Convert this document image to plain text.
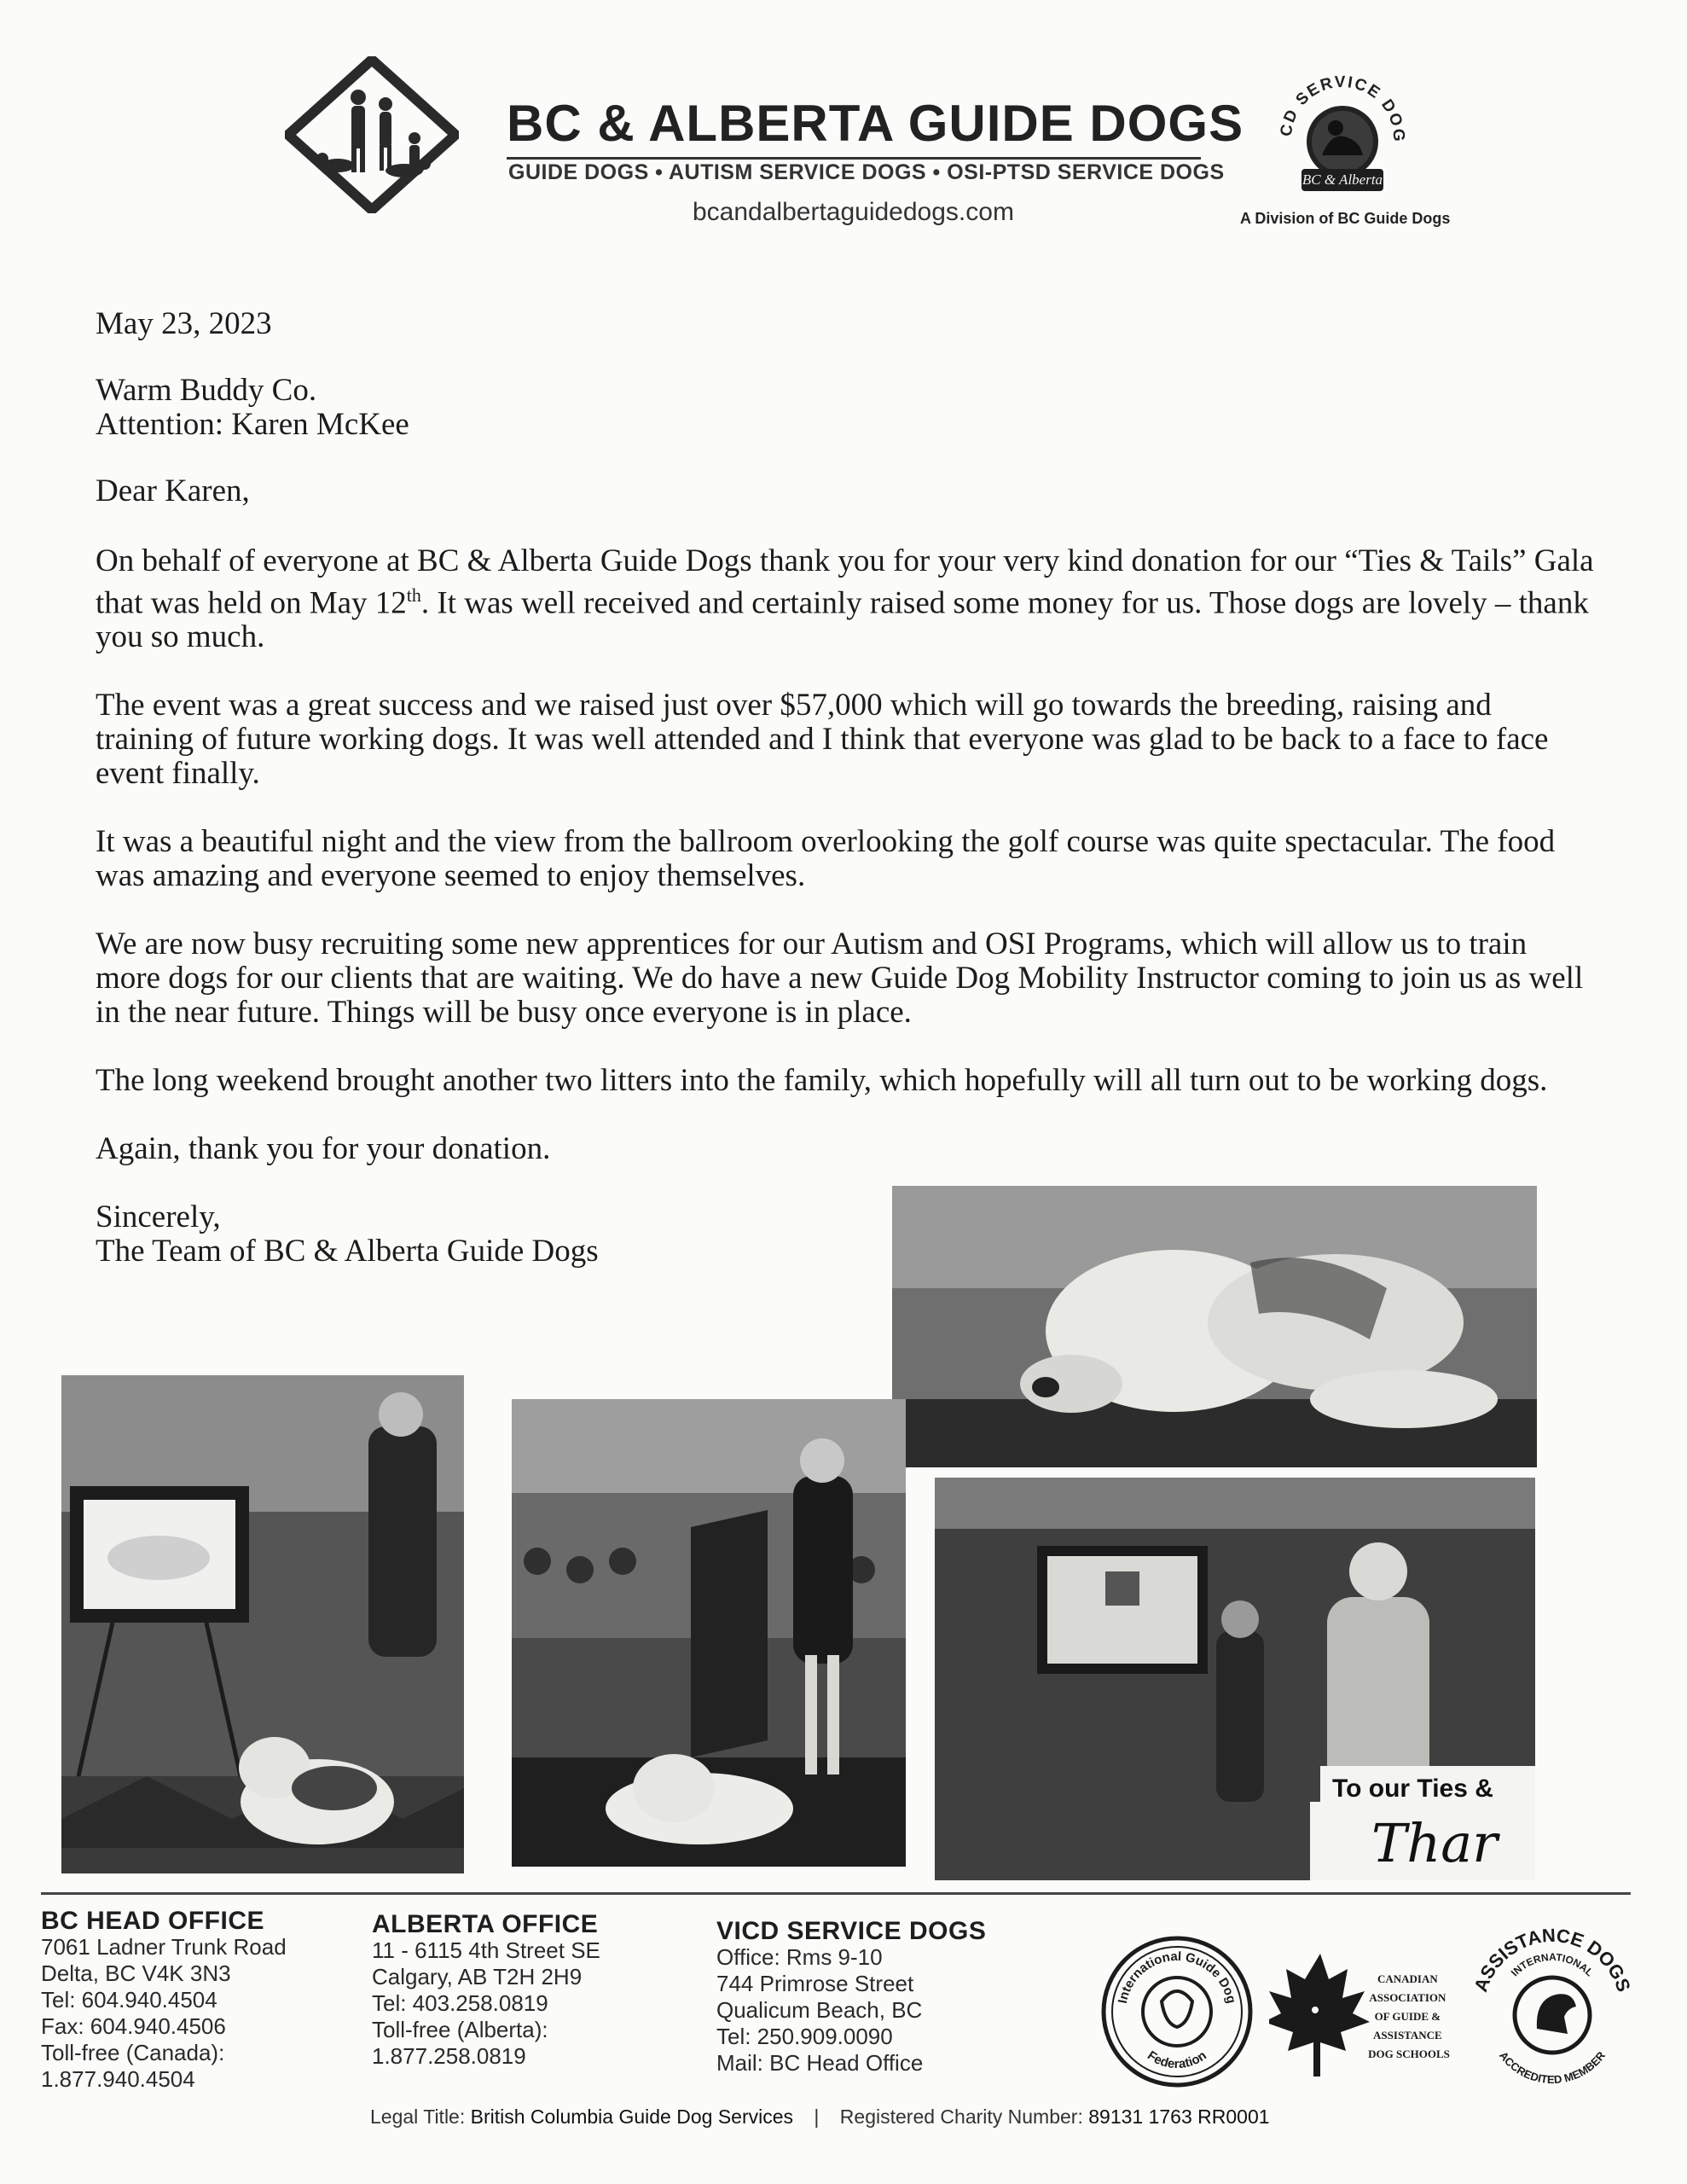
BC & ALBERTA GUIDE DOGS
GUIDE DOGS • AUTISM SERVICE DOGS • OSI-PTSD SERVICE DOGS
bcandalbertaguidedogs.com
CD SERVICE DOG
BC & Alberta
A Division of BC Guide Dogs

May 23, 2023

Warm Buddy Co.

Attention: Karen McKee

Dear Karen,

On behalf of everyone at BC & Alberta Guide Dogs thank you for your very kind donation for our “Ties & Tails” Gala that was held on May 12th. It was well received and certainly raised some money for us. Those dogs are lovely – thank you so much.

The event was a great success and we raised just over $57,000 which will go towards the breeding, raising and training of future working dogs. It was well attended and I think that everyone was glad to be back to a face to face event finally.

It was a beautiful night and the view from the ballroom overlooking the golf course was quite spectacular. The food was amazing and everyone seemed to enjoy themselves.

We are now busy recruiting some new apprentices for our Autism and OSI Programs, which will allow us to train more dogs for our clients that are waiting. We do have a new Guide Dog Mobility Instructor coming to join us as well in the near future. Things will be busy once everyone is in place.

The long weekend brought another two litters into the family, which hopefully will all turn out to be working dogs.

Again, thank you for your donation.

Sincerely,

The Team of BC & Alberta Guide Dogs

To our Ties &
Thar
BC HEAD OFFICE
7061 Ladner Trunk Road
Delta, BC V4K 3N3
Tel: 604.940.4504
Fax: 604.940.4506
Toll-free (Canada):
1.877.940.4504
ALBERTA OFFICE
11 - 6115 4th Street SE
Calgary, AB T2H 2H9
Tel: 403.258.0819
Toll-free (Alberta):
1.877.258.0819
VICD SERVICE DOGS
Office: Rms 9-10
744 Primrose Street
Qualicum Beach, BC
Tel: 250.909.0090
Mail: BC Head Office
International Guide Dog
Federation
CANADIAN ASSOCIATION OF GUIDE & ASSISTANCE DOG SCHOOLS
ASSISTANCE DOGS
INTERNATIONAL
ACCREDITED MEMBER
Legal Title: British Columbia Guide Dog Services | Registered Charity Number: 89131 1763 RR0001
